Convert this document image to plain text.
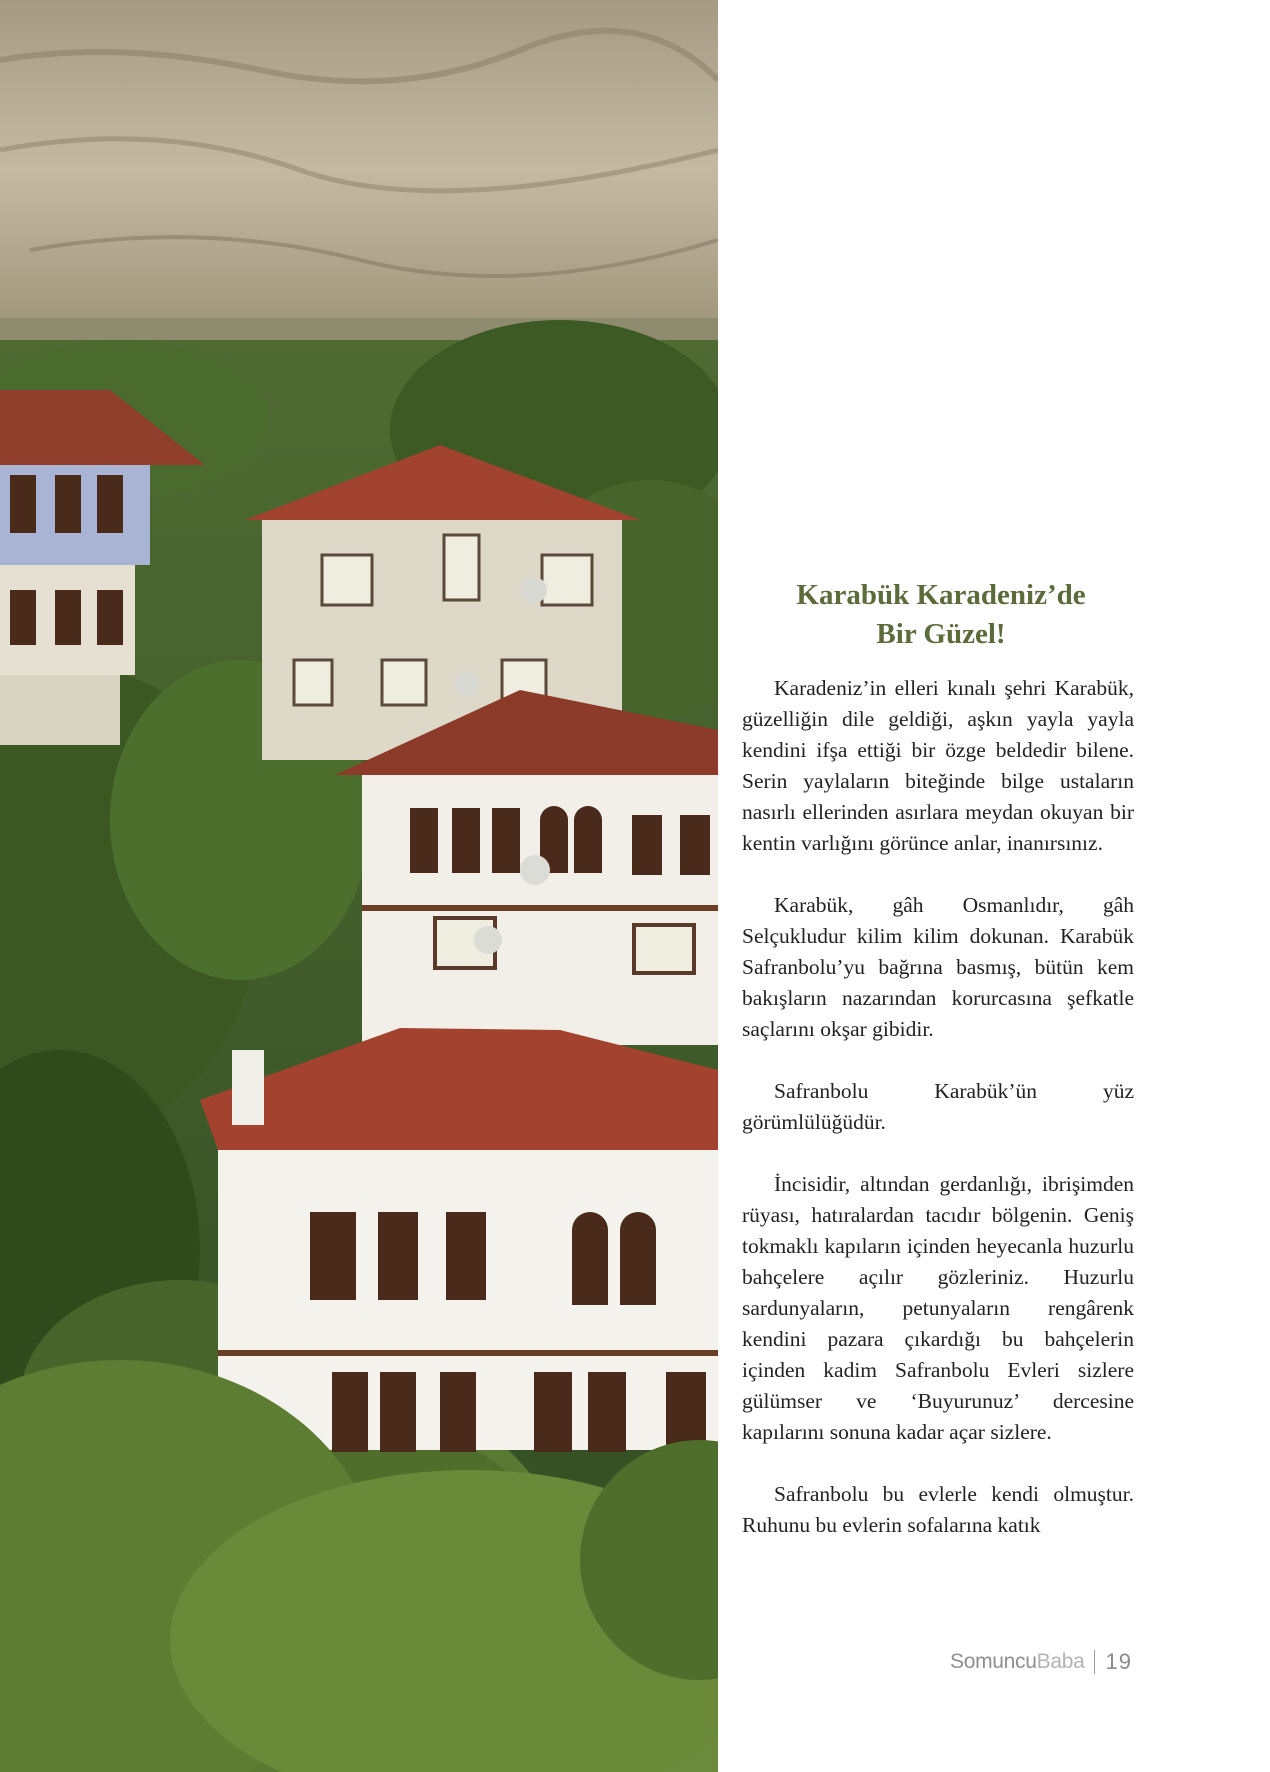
Karabük Karadeniz’de
Bir Güzel!

Karadeniz’in elleri kınalı şehri Karabük, güzelliğin dile geldiği, aşkın yayla yayla kendini ifşa ettiği bir özge beldedir bilene. Serin yaylaların biteğinde bilge ustaların nasırlı ellerinden asırlara meydan okuyan bir kentin varlığını görünce anlar, inanırsınız.

Karabük, gâh Osmanlıdır, gâh Selçukludur kilim kilim dokunan. Karabük Safranbolu’yu bağrına basmış, bütün kem bakışların nazarından korurcasına şefkatle saçlarını okşar gibidir.

Safranbolu Karabük’ün yüz görümlülüğüdür.

İncisidir, altından gerdanlığı, ibrişimden rüyası, hatıralardan tacıdır bölgenin. Geniş tokmaklı kapıların içinden heyecanla huzurlu bahçelere açılır gözleriniz. Huzurlu sardunyaların, petunyaların rengârenk kendini pazara çıkardığı bu bahçelerin içinden kadim Safranbolu Evleri sizlere gülümser ve ‘Buyurunuz’ dercesine kapılarını sonuna kadar açar sizlere.

Safranbolu bu evlerle kendi olmuştur. Ruhunu bu evlerin sofalarına katık

SomuncuBaba 19
